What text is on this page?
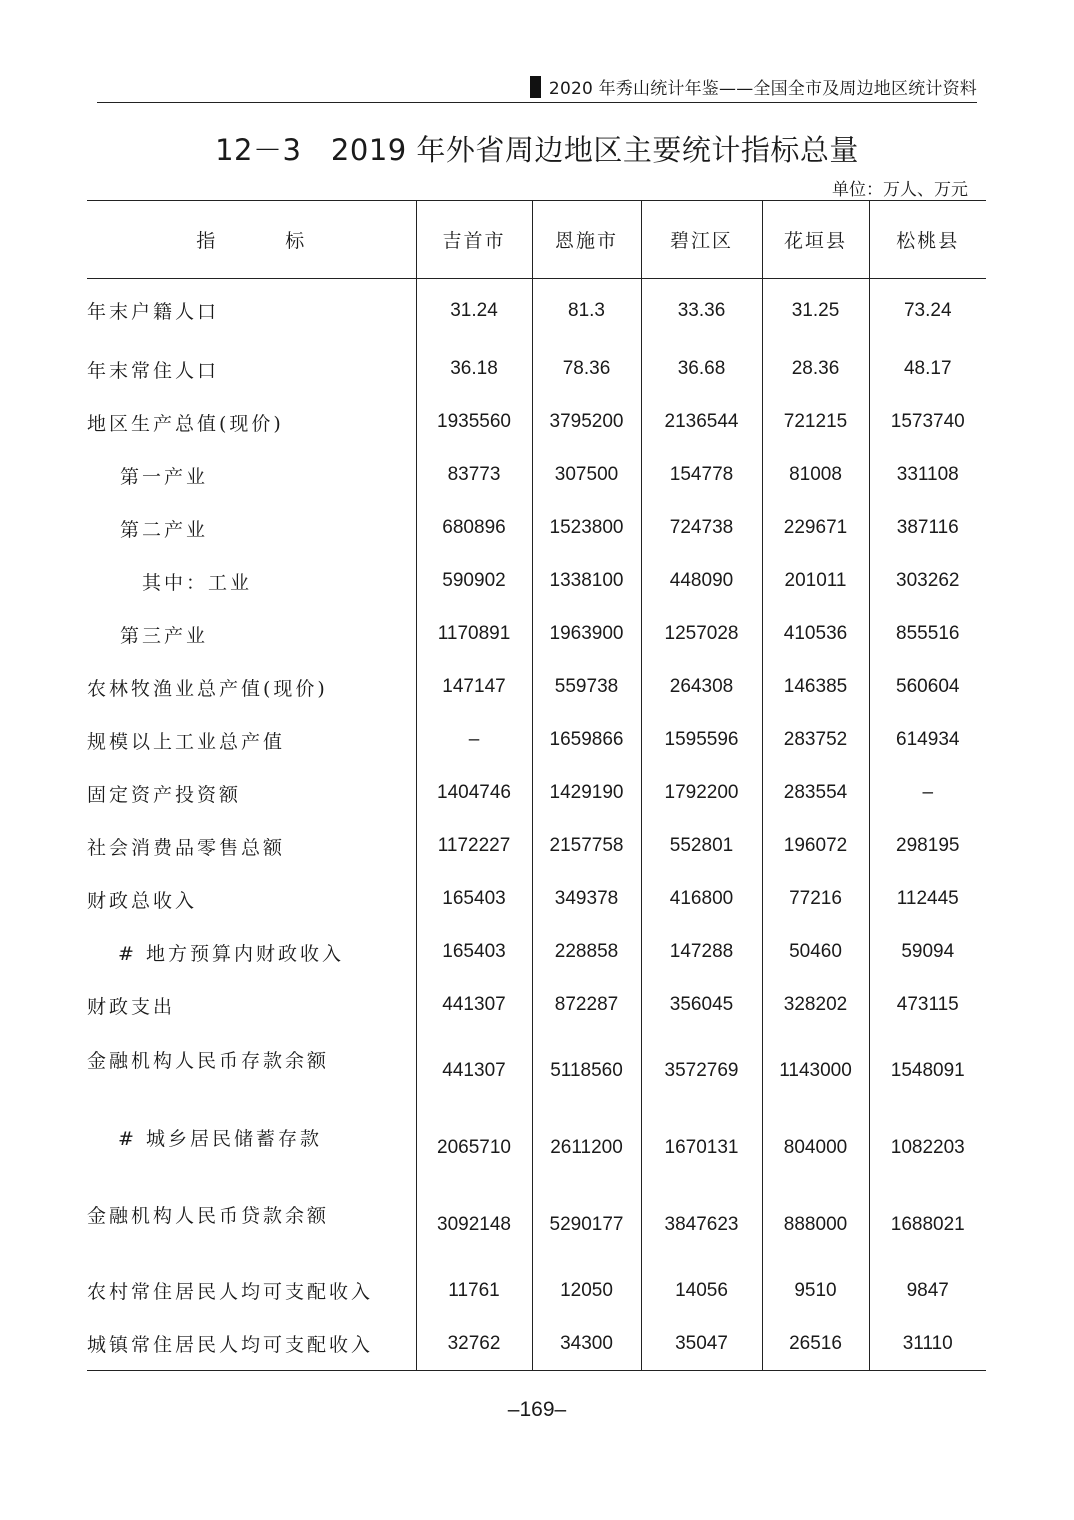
2020 年秀山统计年鉴——全国全市及周边地区统计资料
12－3　2019 年外省周边地区主要统计指标总量
单位：万人、万元
指 标	吉首市	恩施市	碧江区	花垣县	松桃县
年末户籍人口	31.24	81.3	33.36	31.25	73.24
年末常住人口	36.18	78.36	36.68	28.36	48.17
地区生产总值(现价)	1935560	3795200	2136544	721215	1573740
第一产业	83773	307500	154778	81008	331108
第二产业	680896	1523800	724738	229671	387116
其中：工业	590902	1338100	448090	201011	303262
第三产业	1170891	1963900	1257028	410536	855516
农林牧渔业总产值(现价)	147147	559738	264308	146385	560604
规模以上工业总产值	–	1659866	1595596	283752	614934
固定资产投资额	1404746	1429190	1792200	283554	–
社会消费品零售总额	1172227	2157758	552801	196072	298195
财政总收入	165403	349378	416800	77216	112445
# 地方预算内财政收入	165403	228858	147288	50460	59094
财政支出	441307	872287	356045	328202	473115
金融机构人民币存款余额	441307	5118560	3572769	1143000	1548091
# 城乡居民储蓄存款	2065710	2611200	1670131	804000	1082203
金融机构人民币贷款余额	3092148	5290177	3847623	888000	1688021
农村常住居民人均可支配收入	11761	12050	14056	9510	9847
城镇常住居民人均可支配收入	32762	34300	35047	26516	31110
–169–
